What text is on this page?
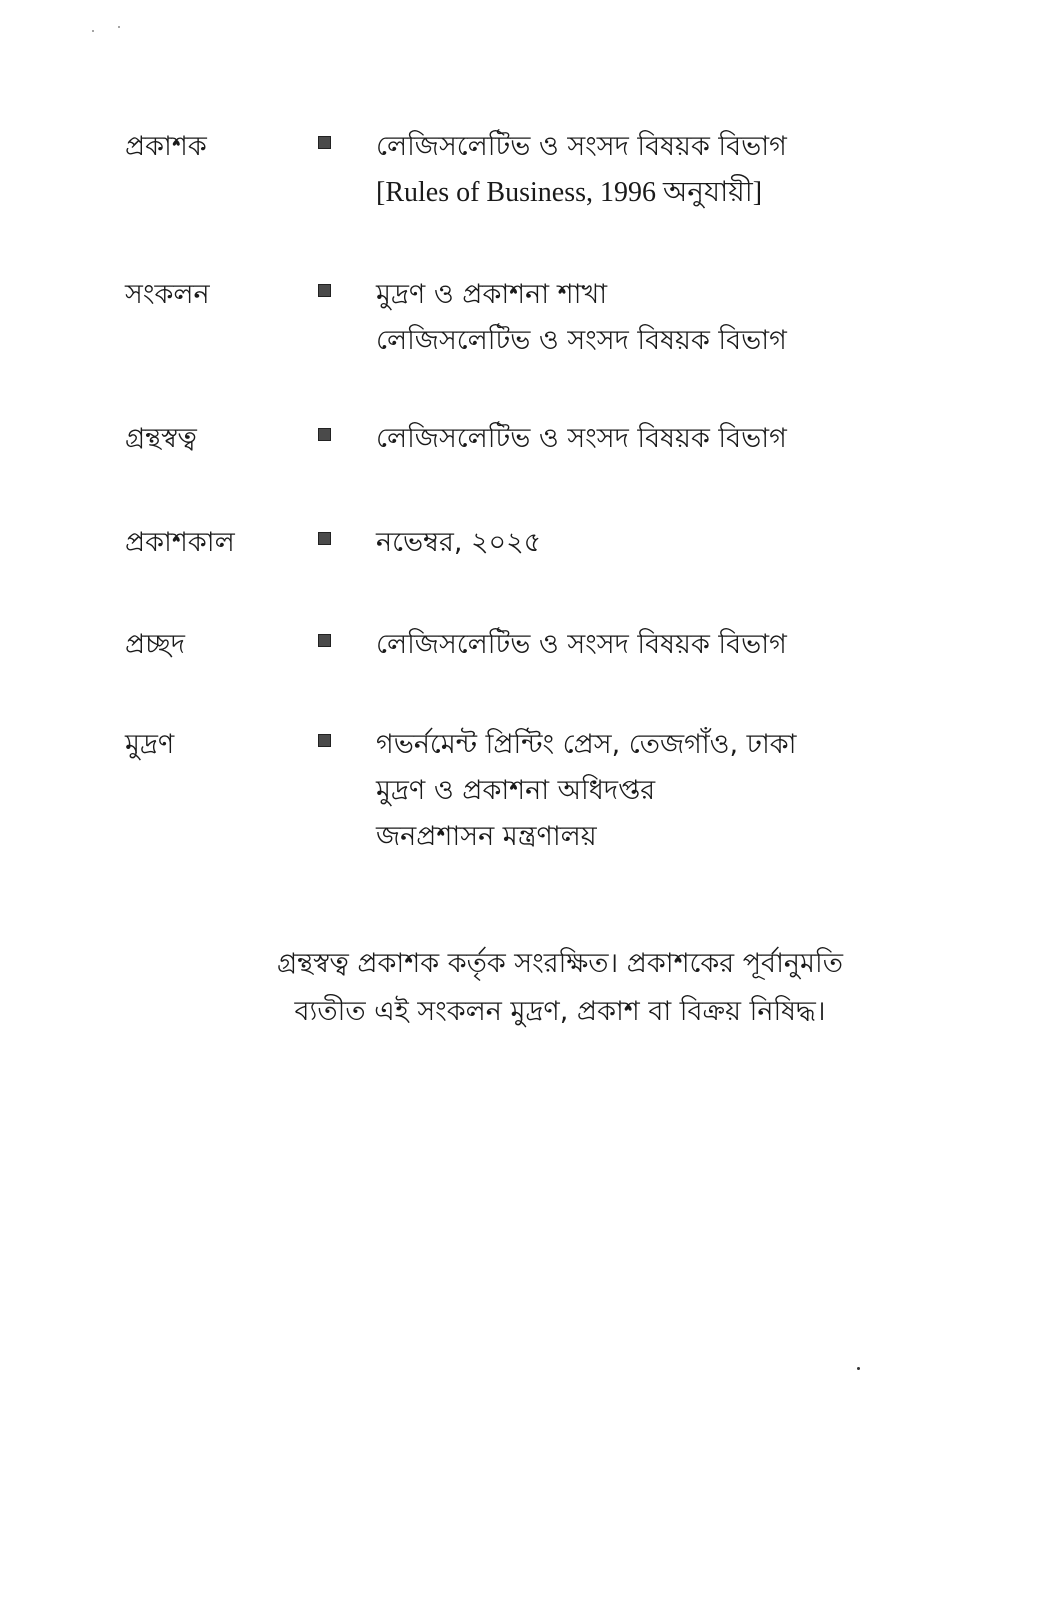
প্রকাশক	লেজিসলেটিভ ও সংসদ বিষয়ক বিভাগ
[Rules of Business, 1996 অনুযায়ী]
সংকলন	মুদ্রণ ও প্রকাশনা শাখা
লেজিসলেটিভ ও সংসদ বিষয়ক বিভাগ
গ্রন্থস্বত্ব	লেজিসলেটিভ ও সংসদ বিষয়ক বিভাগ
প্রকাশকাল	নভেম্বর, ২০২৫
প্রচ্ছদ	লেজিসলেটিভ ও সংসদ বিষয়ক বিভাগ
মুদ্রণ	গভর্নমেন্ট প্রিন্টিং প্রেস, তেজগাঁও, ঢাকা
মুদ্রণ ও প্রকাশনা অধিদপ্তর
জনপ্রশাসন মন্ত্রণালয়
গ্রন্থস্বত্ব প্রকাশক কর্তৃক সংরক্ষিত। প্রকাশকের পূর্বানুমতি
ব্যতীত এই সংকলন মুদ্রণ, প্রকাশ বা বিক্রয় নিষিদ্ধ।
